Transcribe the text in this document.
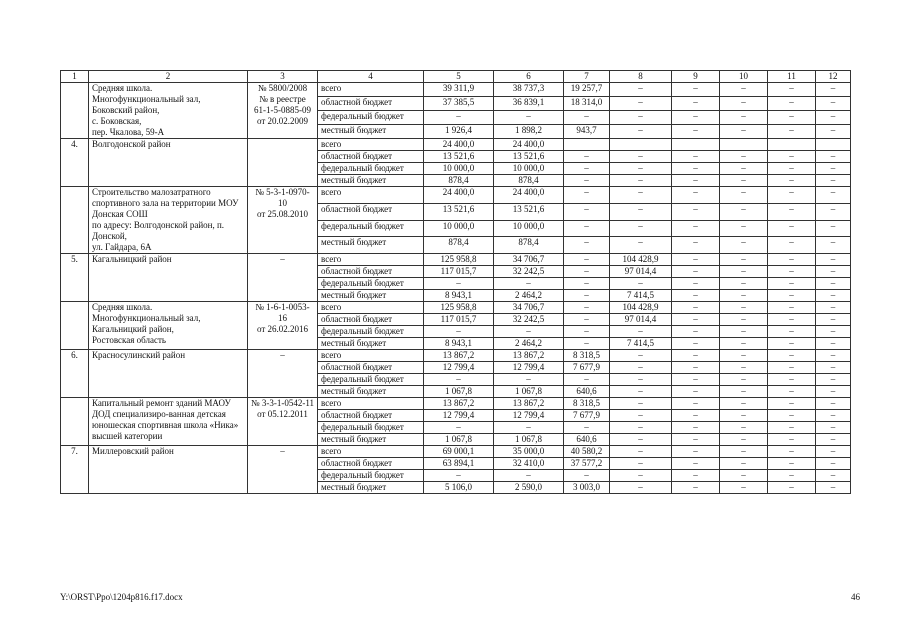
1	2	3	4	5	6	7	8	9	10	11	12
	Средняя школа.
Многофункциональный зал,
Боковский район,
с. Боковская,
пер. Чкалова, 59-А	№ 5800/2008
№ в реестре
61-1-5-0885-09
от 20.02.2009	всего	39 311,9	38 737,3	19 257,7	–	–	–	–	–
			областной бюджет	37 385,5	36 839,1	18 314,0	–	–	–	–	–
			федеральный бюджет	–	–	–	–	–	–	–	–
			местный бюджет	1 926,4	1 898,2	943,7	–	–	–	–	–
4.	Волгодонской район		всего	24 400,0	24 400,0						
			областной бюджет	13 521,6	13 521,6	–	–	–	–	–	–
			федеральный бюджет	10 000,0	10 000,0	–	–	–	–	–	–
			местный бюджет	878,4	878,4	–	–	–	–	–	–
	Строительство малозатратного спортивного зала на территории МОУ Донская СОШ
по адресу: Волгодонской район, п. Донской,
ул. Гайдара, 6А	№ 5-3-1-0970-10
от 25.08.2010	всего	24 400,0	24 400,0	–	–	–	–	–	–
			областной бюджет	13 521,6	13 521,6	–	–	–	–	–	–
			федеральный бюджет	10 000,0	10 000,0	–	–	–	–	–	–
			местный бюджет	878,4	878,4	–	–	–	–	–	–
5.	Кагальницкий район	–	всего	125 958,8	34 706,7	–	104 428,9	–	–	–	–
			областной бюджет	117 015,7	32 242,5	–	97 014,4	–	–	–	–
			федеральный бюджет	–	–	–	–	–	–	–	–
			местный бюджет	8 943,1	2 464,2	–	7 414,5	–	–	–	–
	Средняя школа.
Многофункциональный зал,
Кагальницкий район,
Ростовская область	№ 1-6-1-0053-16
от 26.02.2016	всего	125 958,8	34 706,7	–	104 428,9	–	–	–	–
			областной бюджет	117 015,7	32 242,5	–	97 014,4	–	–	–	–
			федеральный бюджет	–	–	–	–	–	–	–	–
			местный бюджет	8 943,1	2 464,2	–	7 414,5	–	–	–	–
6.	Красносулинский район	–	всего	13 867,2	13 867,2	8 318,5	–	–	–	–	–
			областной бюджет	12 799,4	12 799,4	7 677,9	–	–	–	–	–
			федеральный бюджет	–	–	–	–	–	–	–	–
			местный бюджет	1 067,8	1 067,8	640,6	–	–	–	–	–
	Капитальный ремонт зданий МАОУ ДОД специализиро-ванная детская юношеская спортивная школа «Ника» высшей категории	№ 3-3-1-0542-11
от 05.12.2011	всего	13 867,2	13 867,2	8 318,5	–	–	–	–	–
			областной бюджет	12 799,4	12 799,4	7 677,9	–	–	–	–	–
			федеральный бюджет	–	–	–	–	–	–	–	–
			местный бюджет	1 067,8	1 067,8	640,6	–	–	–	–	–
7.	Миллеровский район	–	всего	69 000,1	35 000,0	40 580,2	–	–	–	–	–
			областной бюджет	63 894,1	32 410,0	37 577,2	–	–	–	–	–
			федеральный бюджет	–	–	–	–	–	–	–	–
			местный бюджет	5 106,0	2 590,0	3 003,0	–	–	–	–	–
Y:\ORST\Ppo\1204p816.f17.docx	46
